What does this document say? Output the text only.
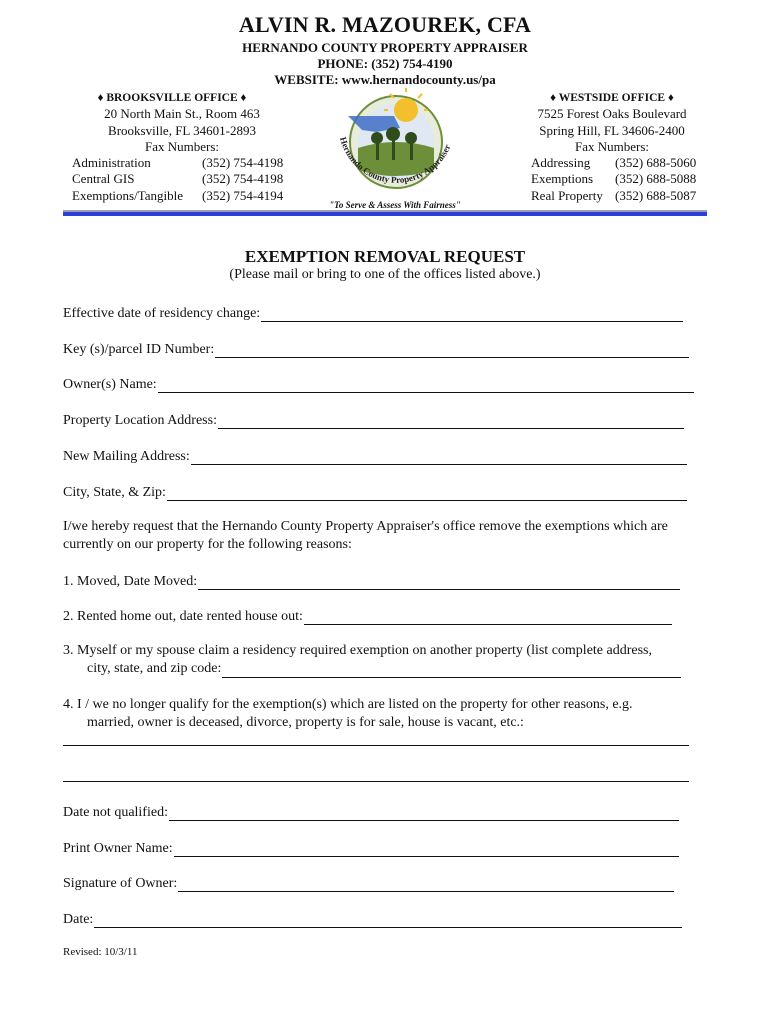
ALVIN R. MAZOUREK, CFA
HERNANDO COUNTY PROPERTY APPRAISER
PHONE: (352) 754-4190
WEBSITE: www.hernandocounty.us/pa
♦ BROOKSVILLE OFFICE ♦
20 North Main St., Room 463
Brooksville, FL 34601-2893
Fax Numbers:
Administration	(352) 754-4198
Central GIS	(352) 754-4198
Exemptions/Tangible	(352) 754-4194
Hernando County Property Appraiser
"To Serve & Assess With Fairness"
♦ WESTSIDE OFFICE ♦
7525 Forest Oaks Boulevard
Spring Hill, FL 34606-2400
Fax Numbers:
Addressing	(352) 688-5060
Exemptions	(352) 688-5088
Real Property	(352) 688-5087
EXEMPTION REMOVAL REQUEST
(Please mail or bring to one of the offices listed above.)
Effective date of residency change:
Key (s)/parcel ID Number:
Owner(s) Name:
Property Location Address:
New Mailing Address:
City, State, & Zip:
I/we hereby request that the Hernando County Property Appraiser's office remove the exemptions which are currently on our property for the following reasons:
1. Moved, Date Moved:
2. Rented home out, date rented house out:
3. Myself or my spouse claim a residency required exemption on another property (list complete address,
city, state, and zip code:
4. I / we no longer qualify for the exemption(s) which are listed on the property for other reasons, e.g.
married, owner is deceased, divorce, property is for sale, house is vacant, etc.:
Date not qualified:
Print Owner Name:
Signature of Owner:
Date:
Revised: 10/3/11
